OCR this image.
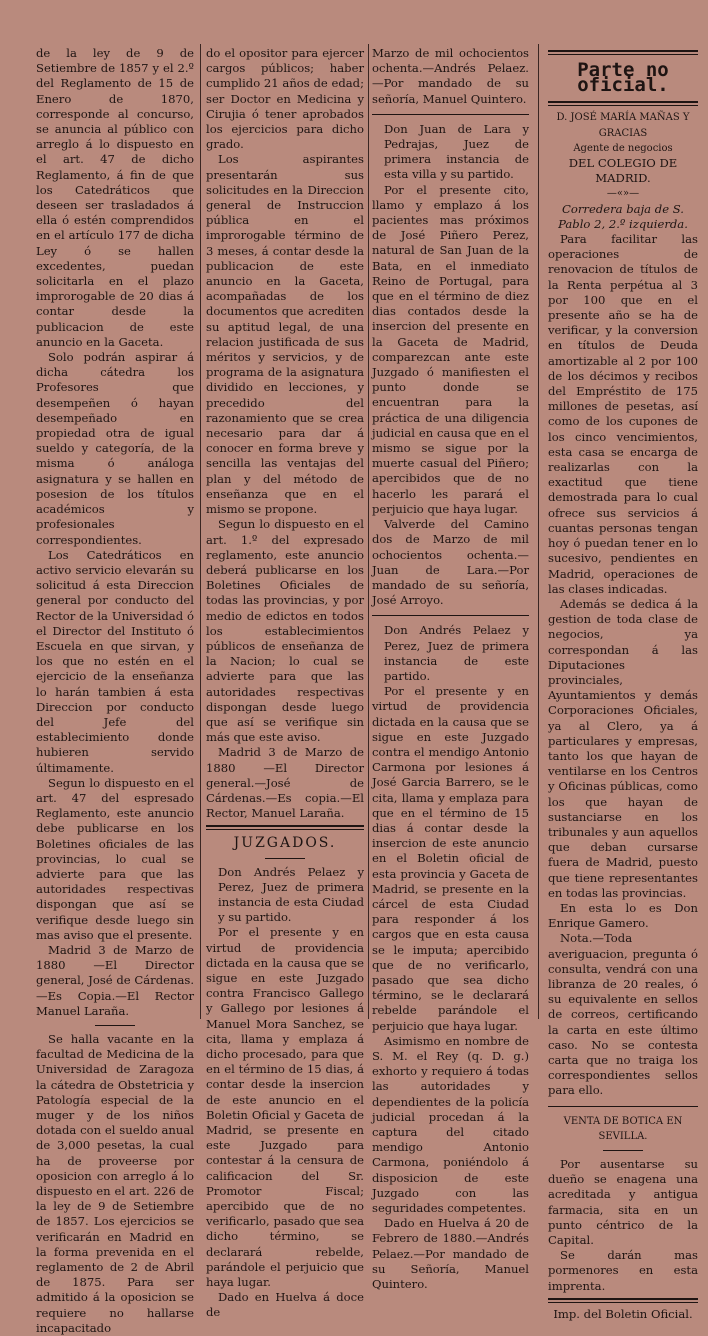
de la ley de 9 de Setiembre de 1857 y el 2.º del Reglamento de 15 de Enero de 1870, corresponde al concurso, se anuncia al público con arreglo á lo dispuesto en el art. 47 de dicho Reglamento, á fin de que los Catedráticos que deseen ser trasladados á ella ó estén comprendidos en el artículo 177 de dicha Ley ó se hallen excedentes, puedan solicitarla en el plazo improrogable de 20 dias á contar desde la publicacion de este anuncio en la Gaceta.

Solo podrán aspirar á dicha cátedra los Profesores que desempeñen ó hayan desempeñado en propiedad otra de igual sueldo y categoría, de la misma ó análoga asignatura y se hallen en posesion de los títulos académicos y profesionales correspondientes.

Los Catedráticos en activo servicio elevarán su solicitud á esta Direccion general por conducto del Rector de la Universidad ó el Director del Instituto ó Escuela en que sirvan, y los que no estén en el ejercicio de la enseñanza lo harán tambien á esta Direccion por conducto del Jefe del establecimiento donde hubieren servido últimamente.

Segun lo dispuesto en el art. 47 del espresado Reglamento, este anuncio debe publicarse en los Boletines oficiales de las provincias, lo cual se advierte para que las autoridades respectivas dispongan que así se verifique desde luego sin mas aviso que el presente.

Madrid 3 de Marzo de 1880 —El Director general, José de Cárdenas.—Es Copia.—El Rector Manuel Laraña.

Se halla vacante en la facultad de Medicina de la Universidad de Zaragoza la cátedra de Obstetricia y Patología especial de la muger y de los niños dotada con el sueldo anual de 3,000 pesetas, la cual ha de proveerse por oposicion con arreglo á lo dispuesto en el art. 226 de la ley de 9 de Setiembre de 1857. Los ejercicios se verificarán en Madrid en la forma prevenida en el reglamento de 2 de Abril de 1875. Para ser admitido á la oposicion se requiere no hallarse incapacitado

do el opositor para ejercer cargos públicos; haber cumplido 21 años de edad; ser Doctor en Medicina y Cirujia ó tener aprobados los ejercicios para dicho grado.

Los aspirantes presentarán sus solicitudes en la Direccion general de Instruccion pública en el improrogable término de 3 meses, á contar desde la publicacion de este anuncio en la Gaceta, acompañadas de los documentos que acrediten su aptitud legal, de una relacion justificada de sus méritos y servicios, y de programa de la asignatura dividido en lecciones, y precedido del razonamiento que se crea necesario para dar á conocer en forma breve y sencilla las ventajas del plan y del método de enseñanza que en el mismo se propone.

Segun lo dispuesto en el art. 1.º del expresado reglamento, este anuncio deberá publicarse en los Boletines Oficiales de todas las provincias, y por medio de edictos en todos los establecimientos públicos de enseñanza de la Nacion; lo cual se advierte para que las autoridades respectivas dispongan desde luego que así se verifique sin más que este aviso.

Madrid 3 de Marzo de 1880 —El Director general.—José de Cárdenas.—Es copia.—El Rector, Manuel Laraña.

JUZGADOS.

Don Andrés Pelaez y Perez, Juez de primera instancia de esta Ciudad y su partido.

Por el presente y en virtud de providencia dictada en la causa que se sigue en este Juzgado contra Francisco Gallego y Gallego por lesiones á Manuel Mora Sanchez, se cita, llama y emplaza á dicho procesado, para que en el término de 15 dias, á contar desde la insercion de este anuncio en el Boletin Oficial y Gaceta de Madrid, se presente en este Juzgado para contestar á la censura de calificacion del Sr. Promotor Fiscal; apercibido que de no verificarlo, pasado que sea dicho término, se declarará rebelde, parándole el perjuicio que haya lugar.

Dado en Huelva á doce de

Marzo de mil ochocientos ochenta.—Andrés Pelaez.—Por mandado de su señoría, Manuel Quintero.

Don Juan de Lara y Pedrajas, Juez de primera instancia de esta villa y su partido.

Por el presente cito, llamo y emplazo á los pacientes mas próximos de José Piñero Perez, natural de San Juan de la Bata, en el inmediato Reino de Portugal, para que en el término de diez dias contados desde la insercion del presente en la Gaceta de Madrid, comparezcan ante este Juzgado ó manifiesten el punto donde se encuentran para la práctica de una diligencia judicial en causa que en el mismo se sigue por la muerte casual del Piñero; apercibidos que de no hacerlo les parará el perjuicio que haya lugar.

Valverde del Camino dos de Marzo de mil ochocientos ochenta.—Juan de Lara.—Por mandado de su señoría, José Arroyo.

Don Andrés Pelaez y Perez, Juez de primera instancia de este partido.

Por el presente y en virtud de providencia dictada en la causa que se sigue en este Juzgado contra el mendigo Antonio Carmona por lesiones á José Garcia Barrero, se le cita, llama y emplaza para que en el término de 15 dias á contar desde la insercion de este anuncio en el Boletin oficial de esta provincia y Gaceta de Madrid, se presente en la cárcel de esta Ciudad para responder á los cargos que en esta causa se le imputa; apercibido que de no verificarlo, pasado que sea dicho término, se le declarará rebelde parándole el perjuicio que haya lugar.

Asimismo en nombre de S. M. el Rey (q. D. g.) exhorto y requiero á todas las autoridades y dependientes de la policía judicial procedan á la captura del citado mendigo Antonio Carmona, poniéndolo á disposicion de este Juzgado con las seguridades competentes.

Dado en Huelva á 20 de Febrero de 1880.—Andrés Pelaez.—Por mandado de su Señoría, Manuel Quintero.

Parte no oficial.

D. JOSÉ MARÍA MAÑAS Y GRACIAS

Agente de negocios

DEL COLEGIO DE MADRID.

—«»—

Corredera baja de S. Pablo 2, 2.º izquierda.

Para facilitar las operaciones de renovacion de títulos de la Renta perpétua al 3 por 100 que en el presente año se ha de verificar, y la conversion en títulos de Deuda amortizable al 2 por 100 de los décimos y recibos del Empréstito de 175 millones de pesetas, así como de los cupones de los cinco vencimientos, esta casa se encarga de realizarlas con la exactitud que tiene demostrada para lo cual ofrece sus servicios á cuantas personas tengan hoy ó puedan tener en lo sucesivo, pendientes en Madrid, operaciones de las clases indicadas.

Además se dedica á la gestion de toda clase de negocios, ya correspondan á las Diputaciones provinciales, Ayuntamientos y demás Corporaciones Oficiales, ya al Clero, ya á particulares y empresas, tanto los que hayan de ventilarse en los Centros y Oficinas públicas, como los que hayan de sustanciarse en los tribunales y aun aquellos que deban cursarse fuera de Madrid, puesto que tiene representantes en todas las provincias.

En esta lo es Don Enrique Gamero.

Nota.—Toda averiguacion, pregunta ó consulta, vendrá con una libranza de 20 reales, ó su equivalente en sellos de correos, certificando la carta en este último caso. No se contesta carta que no traiga los correspondientes sellos para ello.

VENTA DE BOTICA EN SEVILLA.

Por ausentarse su dueño se enagena una acreditada y antigua farmacia, sita en un punto céntrico de la Capital.

Se darán mas pormenores en esta imprenta.

Imp. del Boletin Oficial.
